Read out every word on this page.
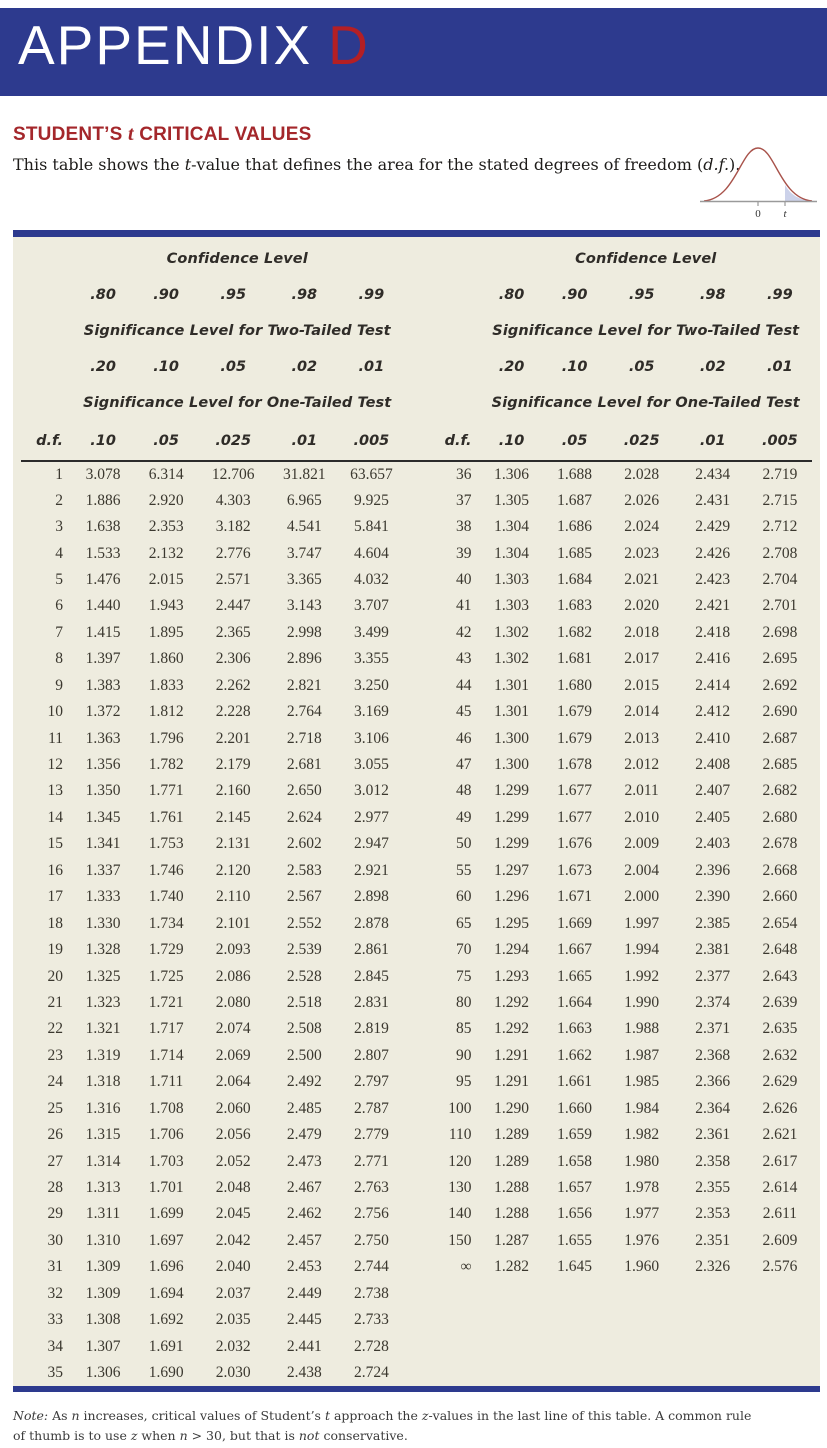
APPENDIX D
STUDENT’S t CRITICAL VALUES

This table shows the t-value that defines the area for the stated degrees of freedom (d.f.).

0 t
	Confidence Level							Confidence Level				
	.80	.90	.95	.98	.99			.80	.90	.95	.98	.99
	Significance Level for Two-Tailed Test							Significance Level for Two-Tailed Test				
	.20	.10	.05	.02	.01			.20	.10	.05	.02	.01
	Significance Level for One-Tailed Test							Significance Level for One-Tailed Test				
d.f.	.10	.05	.025	.01	.005		d.f.	.10	.05	.025	.01	.005
1	3.078	6.314	12.706	31.821	63.657		36	1.306	1.688	2.028	2.434	2.719
2	1.886	2.920	4.303	6.965	9.925		37	1.305	1.687	2.026	2.431	2.715
3	1.638	2.353	3.182	4.541	5.841		38	1.304	1.686	2.024	2.429	2.712
4	1.533	2.132	2.776	3.747	4.604		39	1.304	1.685	2.023	2.426	2.708
5	1.476	2.015	2.571	3.365	4.032		40	1.303	1.684	2.021	2.423	2.704
6	1.440	1.943	2.447	3.143	3.707		41	1.303	1.683	2.020	2.421	2.701
7	1.415	1.895	2.365	2.998	3.499		42	1.302	1.682	2.018	2.418	2.698
8	1.397	1.860	2.306	2.896	3.355		43	1.302	1.681	2.017	2.416	2.695
9	1.383	1.833	2.262	2.821	3.250		44	1.301	1.680	2.015	2.414	2.692
10	1.372	1.812	2.228	2.764	3.169		45	1.301	1.679	2.014	2.412	2.690
11	1.363	1.796	2.201	2.718	3.106		46	1.300	1.679	2.013	2.410	2.687
12	1.356	1.782	2.179	2.681	3.055		47	1.300	1.678	2.012	2.408	2.685
13	1.350	1.771	2.160	2.650	3.012		48	1.299	1.677	2.011	2.407	2.682
14	1.345	1.761	2.145	2.624	2.977		49	1.299	1.677	2.010	2.405	2.680
15	1.341	1.753	2.131	2.602	2.947		50	1.299	1.676	2.009	2.403	2.678
16	1.337	1.746	2.120	2.583	2.921		55	1.297	1.673	2.004	2.396	2.668
17	1.333	1.740	2.110	2.567	2.898		60	1.296	1.671	2.000	2.390	2.660
18	1.330	1.734	2.101	2.552	2.878		65	1.295	1.669	1.997	2.385	2.654
19	1.328	1.729	2.093	2.539	2.861		70	1.294	1.667	1.994	2.381	2.648
20	1.325	1.725	2.086	2.528	2.845		75	1.293	1.665	1.992	2.377	2.643
21	1.323	1.721	2.080	2.518	2.831		80	1.292	1.664	1.990	2.374	2.639
22	1.321	1.717	2.074	2.508	2.819		85	1.292	1.663	1.988	2.371	2.635
23	1.319	1.714	2.069	2.500	2.807		90	1.291	1.662	1.987	2.368	2.632
24	1.318	1.711	2.064	2.492	2.797		95	1.291	1.661	1.985	2.366	2.629
25	1.316	1.708	2.060	2.485	2.787		100	1.290	1.660	1.984	2.364	2.626
26	1.315	1.706	2.056	2.479	2.779		110	1.289	1.659	1.982	2.361	2.621
27	1.314	1.703	2.052	2.473	2.771		120	1.289	1.658	1.980	2.358	2.617
28	1.313	1.701	2.048	2.467	2.763		130	1.288	1.657	1.978	2.355	2.614
29	1.311	1.699	2.045	2.462	2.756		140	1.288	1.656	1.977	2.353	2.611
30	1.310	1.697	2.042	2.457	2.750		150	1.287	1.655	1.976	2.351	2.609
31	1.309	1.696	2.040	2.453	2.744		∞	1.282	1.645	1.960	2.326	2.576
32	1.309	1.694	2.037	2.449	2.738							
33	1.308	1.692	2.035	2.445	2.733							
34	1.307	1.691	2.032	2.441	2.728							
35	1.306	1.690	2.030	2.438	2.724							

Note: As n increases, critical values of Student’s t approach the z-values in the last line of this table. A common rule of thumb is to use z when n > 30, but that is not conservative.
